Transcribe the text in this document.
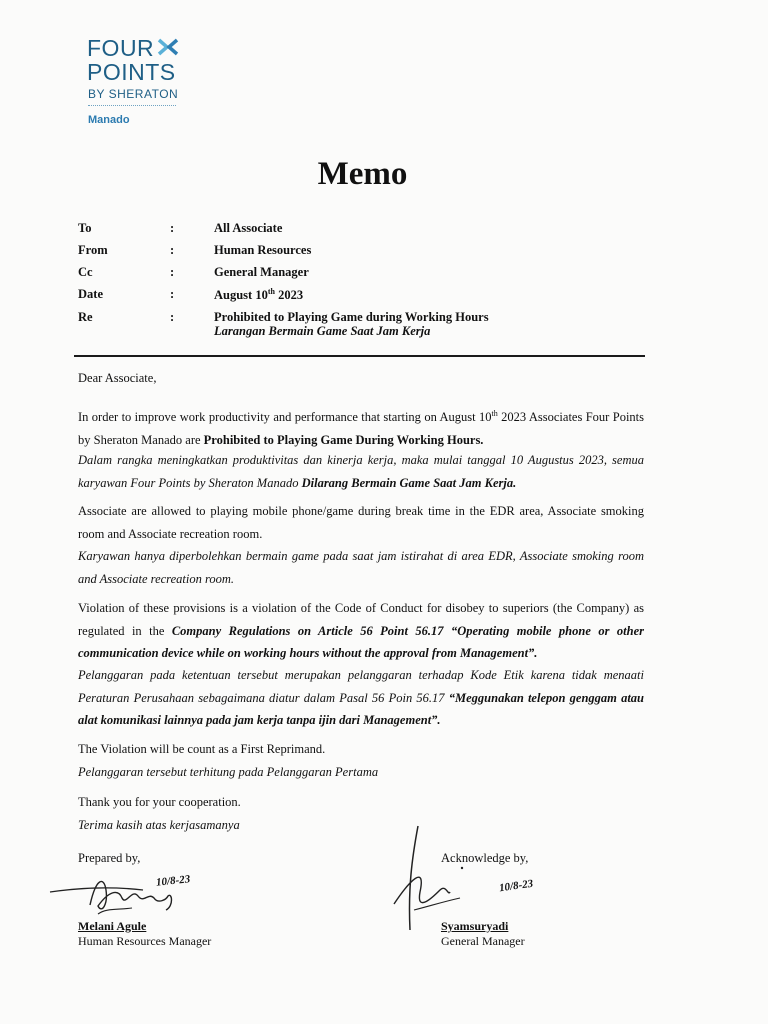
FOUR
POINTS
BY SHERATON
Manado
Memo
To	:	All Associate
From	:	Human Resources
Cc	:	General Manager
Date	:	August 10th 2023
Re	:	Prohibited to Playing Game during Working Hours
Larangan Bermain Game Saat Jam Kerja
Dear Associate,
In order to improve work productivity and performance that starting on August 10th 2023 Associates Four Points by Sheraton Manado are Prohibited to Playing Game During Working Hours.
Dalam rangka meningkatkan produktivitas dan kinerja kerja, maka mulai tanggal 10 Augustus 2023, semua karyawan Four Points by Sheraton Manado Dilarang Bermain Game Saat Jam Kerja.
Associate are allowed to playing mobile phone/game during break time in the EDR area, Associate smoking room and Associate recreation room.
Karyawan hanya diperbolehkan bermain game pada saat jam istirahat di area EDR, Associate smoking room and Associate recreation room.
Violation of these provisions is a violation of the Code of Conduct for disobey to superiors (the Company) as regulated in the Company Regulations on Article 56 Point 56.17 “Operating mobile phone or other communication device while on working hours without the approval from Management”.
Pelanggaran pada ketentuan tersebut merupakan pelanggaran terhadap Kode Etik karena tidak menaati Peraturan Perusahaan sebagaimana diatur dalam Pasal 56 Poin 56.17 “Meggunakan telepon genggam atau alat komunikasi lainnya pada jam kerja tanpa ijin dari Management”.
The Violation will be count as a First Reprimand.
Pelanggaran tersebut terhitung pada Pelanggaran Pertama
Thank you for your cooperation.
Terima kasih atas kerjasamanya
Prepared by,
10/8-23
Melani Agule
Human Resources Manager
Acknowledge by,
10/8-23
Syamsuryadi
General Manager
